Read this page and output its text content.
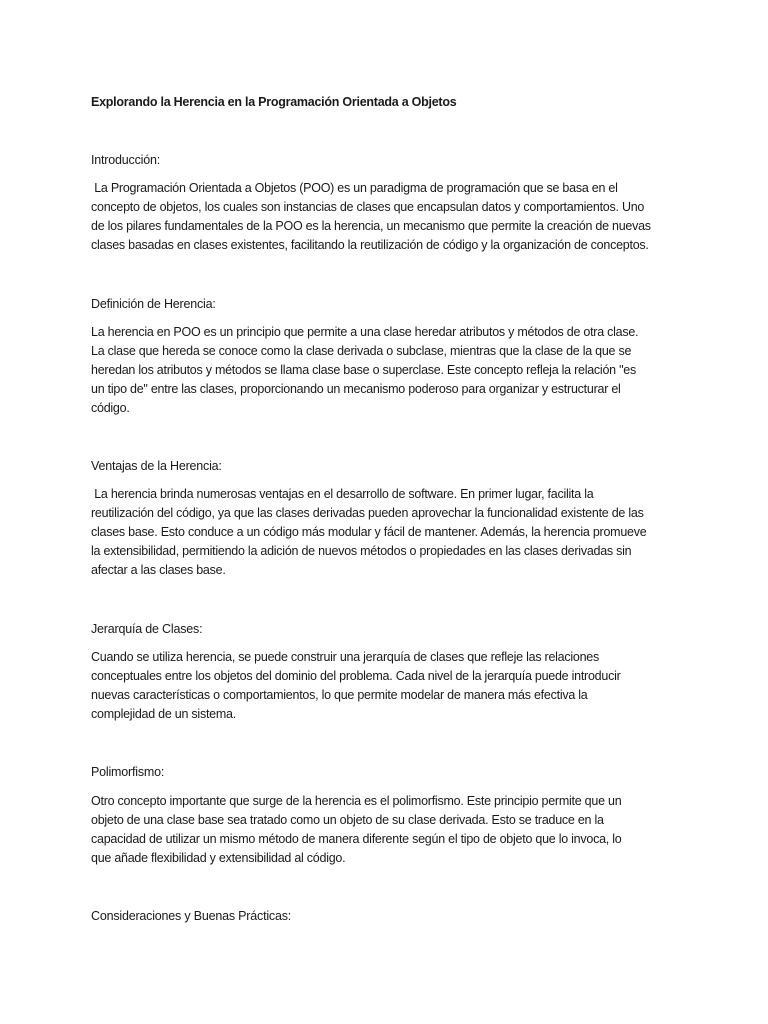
Explorando la Herencia en la Programación Orientada a Objetos
Introducción:

La Programación Orientada a Objetos (POO) es un paradigma de programación que se basa en el
concepto de objetos, los cuales son instancias de clases que encapsulan datos y comportamientos. Uno
de los pilares fundamentales de la POO es la herencia, un mecanismo que permite la creación de nuevas
clases basadas en clases existentes, facilitando la reutilización de código y la organización de conceptos.

Definición de Herencia:

La herencia en POO es un principio que permite a una clase heredar atributos y métodos de otra clase.
La clase que hereda se conoce como la clase derivada o subclase, mientras que la clase de la que se
heredan los atributos y métodos se llama clase base o superclase. Este concepto refleja la relación "es
un tipo de" entre las clases, proporcionando un mecanismo poderoso para organizar y estructurar el
código.

Ventajas de la Herencia:

La herencia brinda numerosas ventajas en el desarrollo de software. En primer lugar, facilita la
reutilización del código, ya que las clases derivadas pueden aprovechar la funcionalidad existente de las
clases base. Esto conduce a un código más modular y fácil de mantener. Además, la herencia promueve
la extensibilidad, permitiendo la adición de nuevos métodos o propiedades en las clases derivadas sin
afectar a las clases base.

Jerarquía de Clases:

Cuando se utiliza herencia, se puede construir una jerarquía de clases que refleje las relaciones
conceptuales entre los objetos del dominio del problema. Cada nivel de la jerarquía puede introducir
nuevas características o comportamientos, lo que permite modelar de manera más efectiva la
complejidad de un sistema.

Polimorfismo:

Otro concepto importante que surge de la herencia es el polimorfismo. Este principio permite que un
objeto de una clase base sea tratado como un objeto de su clase derivada. Esto se traduce en la
capacidad de utilizar un mismo método de manera diferente según el tipo de objeto que lo invoca, lo
que añade flexibilidad y extensibilidad al código.

Consideraciones y Buenas Prácticas:
